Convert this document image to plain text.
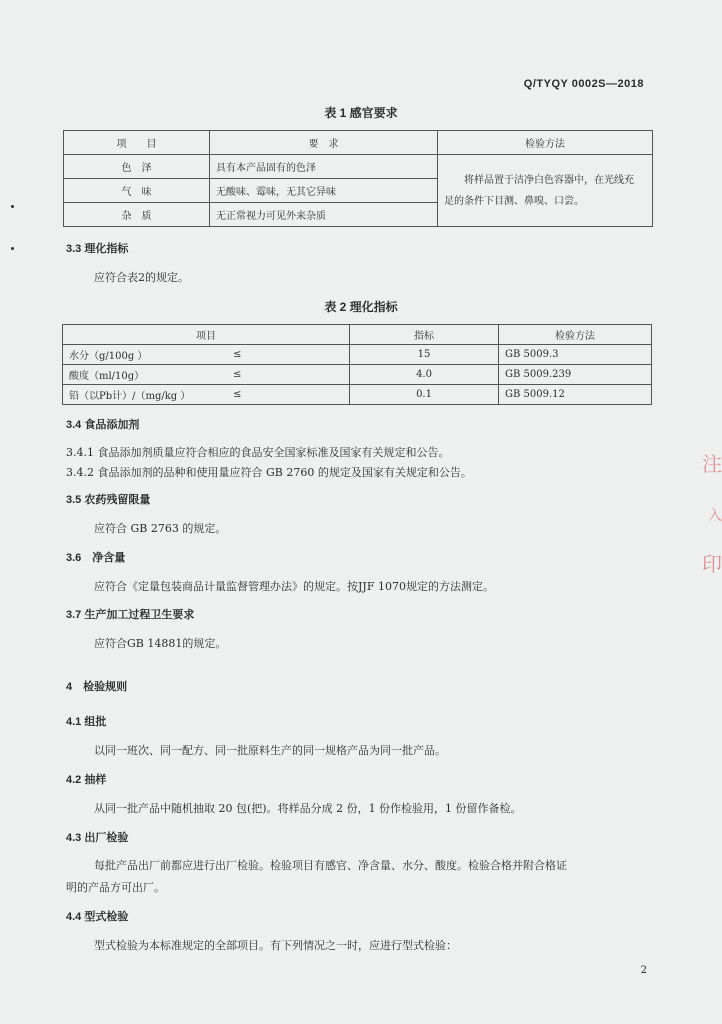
Q/TYQY 0002S—2018
表 1 感官要求
项　　目	要　求	检验方法
色　泽	具有本产品固有的色泽	将样品置于洁净白色容器中，在光线充
足的条件下目测、鼻嗅、口尝。

气　味	无酸味、霉味，无其它异味	
杂　质	无正常视力可见外来杂质	
3.3 理化指标
应符合表2的规定。
表 2 理化指标
项目		指标	检验方法
水分（g/100g ）	≤	15	GB 5009.3
酸度（ml/10g）	≤	4.0	GB 5009.239
铅（以Pb计）/（mg/kg ）	≤	0.1	GB 5009.12
3.4 食品添加剂
3.4.1 食品添加剂质量应符合相应的食品安全国家标准及国家有关规定和公告。
3.4.2 食品添加剂的品种和使用量应符合 GB 2760 的规定及国家有关规定和公告。
3.5 农药残留限量
应符合 GB 2763 的规定。
3.6　净含量
应符合《定量包装商品计量监督管理办法》的规定。按JJF 1070规定的方法测定。
3.7 生产加工过程卫生要求
应符合GB 14881的规定。
4　检验规则
4.1 组批
以同一班次、同一配方、同一批原料生产的同一规格产品为同一批产品。
4.2 抽样
从同一批产品中随机抽取 20 包(把)。将样品分成 2 份，1 份作检验用，1 份留作备检。
4.3 出厂检验
每批产品出厂前都应进行出厂检验。检验项目有感官、净含量、水分、酸度。检验合格并附合格证
明的产品方可出厂。
4.4 型式检验
型式检验为本标准规定的全部项目。有下列情况之一时，应进行型式检验：
2
注
入
印
